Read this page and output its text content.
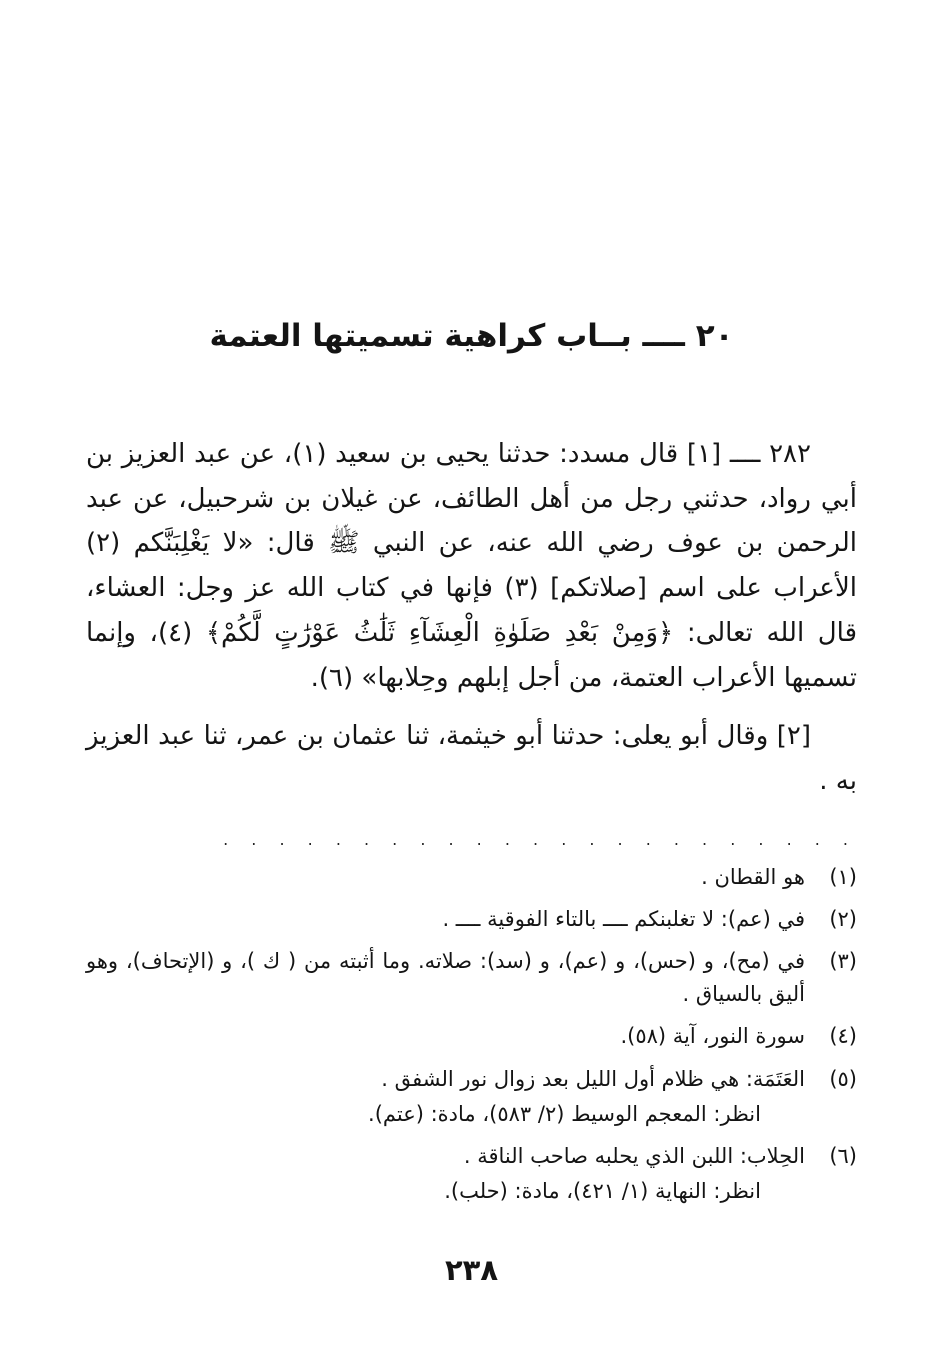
٢٠ ــــ بــاب كراهية تسميتها العتمة

٢٨٢ ــــ [١] قال مسدد: حدثنا يحيى بن سعيد (١)، عن عبد العزيز بن أبي رواد، حدثني رجل من أهل الطائف، عن غيلان بن شرحبيل، عن عبد الرحمن بن عوف رضي الله عنه، عن النبي ﷺ قال: «لا يَغْلِبَنَّكم (٢) الأعراب على اسم [صلاتكم] (٣) فإنها في كتاب الله عز وجل: العشاء، قال الله تعالى: ﴿وَمِنْ بَعْدِ صَلَوٰةِ الْعِشَآءِ ثَلَٰثُ عَوْرَٰتٍ لَّكُمْ﴾ (٤)، وإنما تسميها الأعراب العتمة، من أجل إبلهم وحِلابها» (٦).

[٢] وقال أبو يعلى: حدثنا أبو خيثمة، ثنا عثمان بن عمر، ثنا عبد العزيز به .

. . . . . . . . . . . . . . . . . . . . . . .
(١)
هو القطان .
(٢)
في (عم): لا تغلبنكم ــــ بالتاء الفوقية ــــ .
(٣)
في (مح)، و (حس)، و (عم)، و (سد): صلاته. وما أثبته من ( ك )، و (الإتحاف)، وهو أليق بالسياق .
(٤)
سورة النور، آية (٥٨).
(٥)
العَتَمَة: هي ظلام أول الليل بعد زوال نور الشفق .
انظر: المعجم الوسيط (٢/ ٥٨٣)، مادة: (عتم).
(٦)
الحِلاب: اللبن الذي يحلبه صاحب الناقة .
انظر: النهاية (١/ ٤٢١)، مادة: (حلب).
٢٣٨
